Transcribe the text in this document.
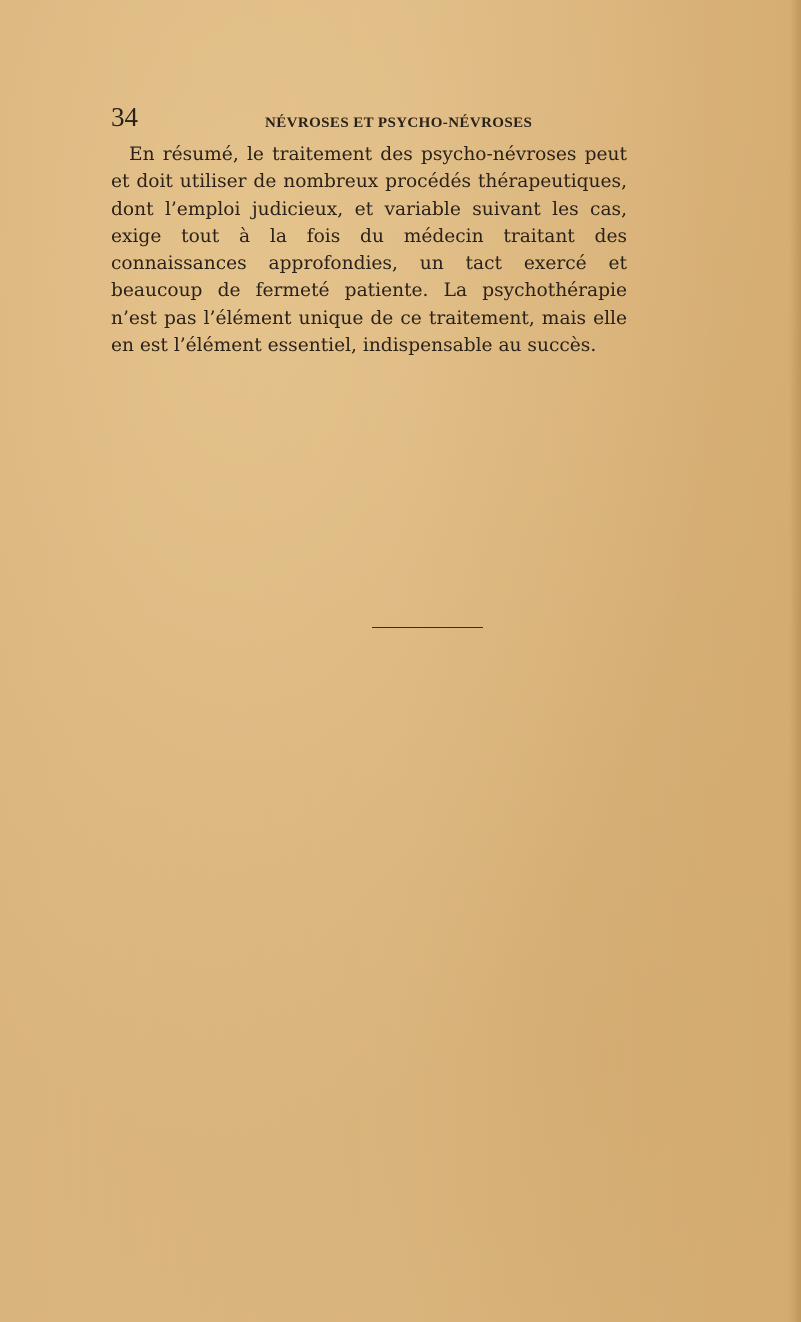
34	NÉVROSES ET PSYCHO-NÉVROSES

En résumé, le traitement des psycho-névroses peut et doit utiliser de nombreux procédés thérapeutiques, dont l’emploi judicieux, et variable suivant les cas, exige tout à la fois du médecin traitant des connaissances approfondies, un tact exercé et beaucoup de fermeté patiente. La psychothérapie n’est pas l’élément unique de ce traitement, mais elle en est l’élément essentiel, indispensable au succès.
